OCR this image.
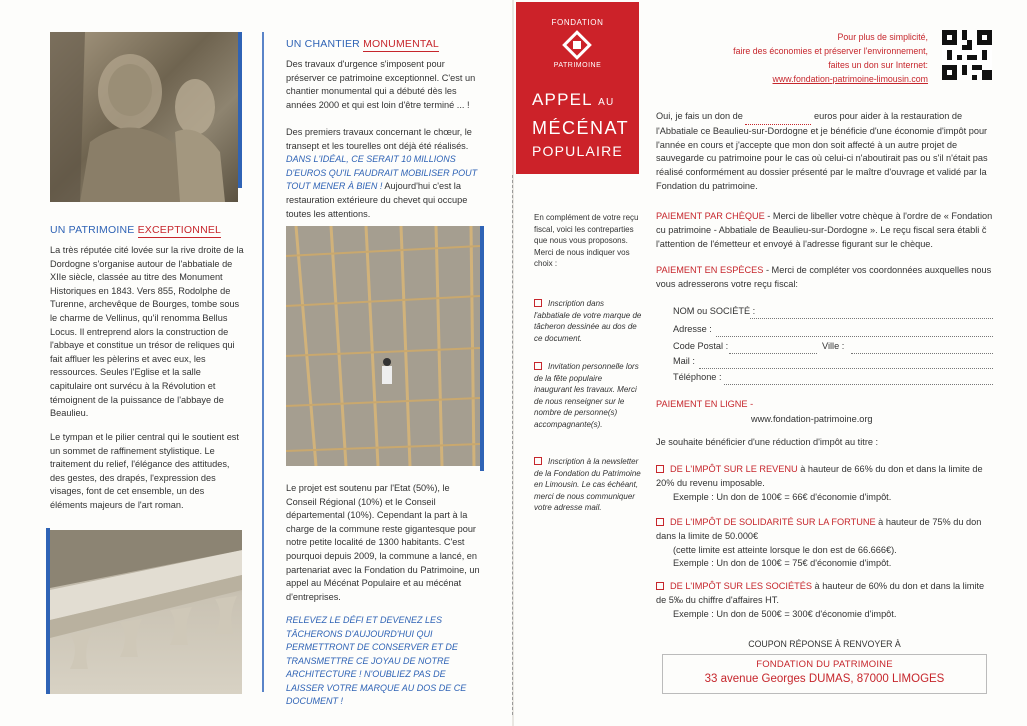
UN PATRIMOINE EXCEPTIONNEL
La très réputée cité lovée sur la rive droite de la Dordogne s'organise autour de l'abbatiale de XIIe siècle, classée au titre des Monument Historiques en 1843. Vers 855, Rodolphe de Turenne, archevêque de Bourges, tombe sous le charme de Vellinus, qu'il renomma Bellus Locus. Il entreprend alors la construction de l'abbaye et constitue un trésor de reliques qui fait affluer les pèlerins et avec eux, les ressources. Seules l'Eglise et la salle capitulaire ont survécu à la Révolution et témoignent de la puissance de l'abbaye de Beaulieu.
Le tympan et le pilier central qui le soutient est un sommet de raffinement stylistique. Le traitement du relief, l'élégance des attitudes, des gestes, des drapés, l'expression des visages, font de cet ensemble, un des éléments majeurs de l'art roman.
UN CHANTIER MONUMENTAL
Des travaux d'urgence s'imposent pour préserver ce patrimoine exceptionnel. C'est un chantier monumental qui a débuté dès les années 2000 et qui est loin d'être terminé ... !
Des premiers travaux concernant le chœur, le transept et les tourelles ont déjà été réalisés. DANS L'IDÉAL, CE SERAIT 10 MILLIONS D'EUROS QU'IL FAUDRAIT MOBILISER POUT TOUT MENER À BIEN ! Aujourd'hui c'est la restauration extérieure du chevet qui occupe toutes les attentions.
Le projet est soutenu par l'Etat (50%), le Conseil Régional (10%) et le Conseil départemental (10%). Cependant la part à la charge de la commune reste gigantesque pour notre petite localité de 1300 habitants. C'est pourquoi depuis 2009, la commune a lancé, en partenariat avec la Fondation du Patrimoine, un appel au Mécénat Populaire et au mécénat d'entreprises.
RELEVEZ LE DÉFI ET DEVENEZ LES TÂCHERONS D'AUJOURD'HUI QUI PERMETTRONT DE CONSERVER ET DE TRANSMETTRE CE JOYAU DE NOTRE ARCHITECTURE ! N'OUBLIEZ PAS DE LAISSER VOTRE MARQUE AU DOS DE CE DOCUMENT !
FONDATION
PATRIMOINE
APPEL AU
MÉCÉNAT
POPULAIRE
En complément de votre reçu fiscal, voici les contreparties que nous vous proposons. Merci de nous indiquer vos choix :
Inscription dans l'abbatiale de votre marque de tâcheron dessinée au dos de ce document.
Invitation personnelle lors de la fête populaire inaugurant les travaux. Merci de nous renseigner sur le nombre de personne(s) accompagnante(s).
Inscription à la newsletter de la Fondation du Patrimoine en Limousin. Le cas échéant, merci de nous communiquer votre adresse mail.
Pour plus de simplicité,
faire des économies et préserver l'environnement,
faites un don sur Internet:
www.fondation-patrimoine-limousin.com
Oui, je fais un don de	euros pour aider à la restauration de l'Abbatiale ce Beaulieu-sur-Dordogne et je bénéficie d'une économie d'impôt pour l'année en cours et j'accepte que mon don soit affecté à un autre projet de sauvegarde cu patrimoine pour le cas où celui-ci n'aboutirait pas ou s'il n'était pas réalisé conformément au dossier présenté par le maître d'ouvrage et validé par la Fondation du patrimoine.
PAIEMENT PAR CHÈQUE - Merci de libeller votre chèque à l'ordre de « Fondation cu patrimoine - Abbatiale de Beaulieu-sur-Dordogne ». Le reçu fiscal sera établi č l'attention de l'émetteur et envoyé à l'adresse figurant sur le chèque.
PAIEMENT EN ESPÈCES - Merci de compléter vos coordonnées auxquelles nous vous adresserons votre reçu fiscal:
NOM ou SOCIÉTÉ :
Adresse :
Code Postal :	Ville :
Mail :
Téléphone :
PAIEMENT EN LIGNE -
www.fondation-patrimoine.org
Je souhaite bénéficier d'une réduction d'impôt au titre :
DE L'IMPÔT SUR LE REVENU à hauteur de 66% du don et dans la limite de 20% du revenu imposable.
Exemple : Un don de 100€ = 66€ d'économie d'impôt.
DE L'IMPÔT DE SOLIDARITÉ SUR LA FORTUNE à hauteur de 75% du don dans la limite de 50.000€
(cette limite est atteinte lorsque le don est de 66.666€).
Exemple : Un don de 100€ = 75€ d'économie d'impôt.
DE L'IMPÔT SUR LES SOCIÉTÉS à hauteur de 60% du don et dans la limite de 5‰ du chiffre d'affaires HT.
Exemple : Un don de 500€ = 300€ d'économie d'impôt.
COUPON RÉPONSE À RENVOYER À
FONDATION DU PATRIMOINE
33 avenue Georges DUMAS, 87000 LIMOGES
